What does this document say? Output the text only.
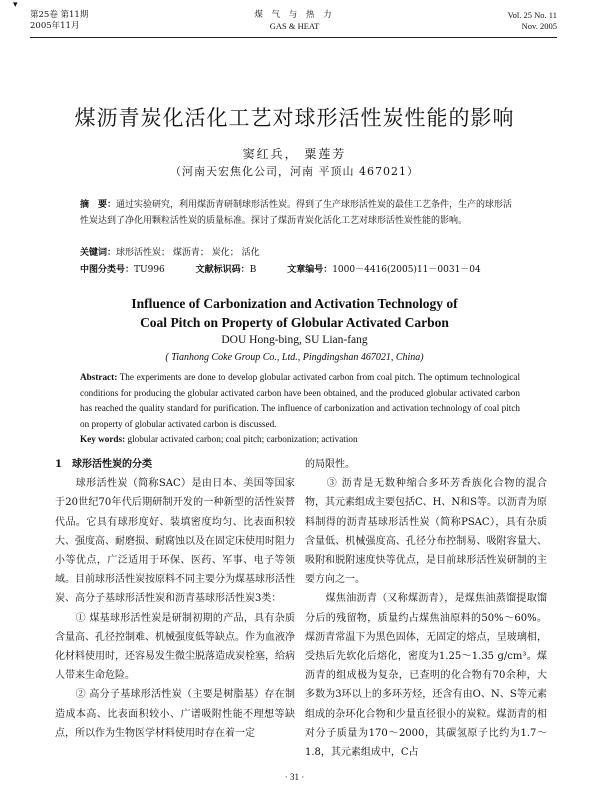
▾
第25卷 第11期
2005年11月
煤 气 与 热 力
GAS & HEAT
Vol. 25 No. 11
Nov. 2005
煤沥青炭化活化工艺对球形活性炭性能的影响
窦红兵， 粟莲芳
（河南天宏焦化公司，河南 平顶山 467021）
摘　要：通过实验研究，利用煤沥青研制球形活性炭。得到了生产球形活性炭的最佳工艺条件，生产的球形活性炭达到了净化用颗粒活性炭的质量标准。探讨了煤沥青炭化活化工艺对球形活性炭性能的影响。
关键词：球形活性炭； 煤沥青； 炭化； 活化
中图分类号：TU996	文献标识码：B	文章编号：1000－4416(2005)11－0031－04
Influence of Carbonization and Activation Technology of Coal Pitch on Property of Globular Activated Carbon
DOU Hong-bing, SU Lian-fang
( Tianhong Coke Group Co., Ltd., Pingdingshan 467021, China)
Abstract: The experiments are done to develop globular activated carbon from coal pitch. The optimum technological conditions for producing the globular activated carbon have been obtained, and the produced globular activated carbon has reached the quality standard for purification. The influence of carbonization and activation technology of coal pitch on property of globular activated carbon is discussed.
Key words: globular activated carbon; coal pitch; carbonization; activation
1　球形活性炭的分类
　　球形活性炭（简称SAC）是由日本、美国等国家于20世纪70年代后期研制开发的一种新型的活性炭替代品。它具有球形度好、装填密度均匀、比表面积较大、强度高、耐磨损、耐腐蚀以及在固定床使用时阻力小等优点，广泛适用于环保、医药、军事、电子等领域。目前球形活性炭按原料不同主要分为煤基球形活性炭、高分子基球形活性炭和沥青基球形活性炭3类：
　　① 煤基球形活性炭是研制初期的产品，具有杂质含量高、孔径控制难、机械强度低等缺点。作为血液净化材料使用时，还容易发生微尘脱落造成炭栓塞，给病人带来生命危险。
　　② 高分子基球形活性炭（主要是树脂基）存在制造成本高、比表面积较小、广谱吸附性能不理想等缺点，所以作为生物医学材料使用时存在着一定
的局限性。
　　③ 沥青是无数种缩合多环芳香族化合物的混合物，其元素组成主要包括C、H、N和S等。以沥青为原料制得的沥青基球形活性炭（简称PSAC），具有杂质含量低、机械强度高、孔径分布控制易、吸附容量大、吸附和脱附速度快等优点，是目前球形活性炭研制的主要方向之一。
　　煤焦油沥青（又称煤沥青），是煤焦油蒸馏提取馏分后的残留物，质量约占煤焦油原料的50%～60%。煤沥青常温下为黑色固体，无固定的熔点，呈玻璃相，受热后先软化后熔化，密度为1.25～1.35 g/cm³。煤沥青的组成极为复杂，已查明的化合物有70余种，大多数为3环以上的多环芳烃，还含有由O、N、S等元素组成的杂环化合物和少量直径很小的炭粒。煤沥青的相对分子质量为170～2000，其碳氢原子比约为1.7～1.8，其元素组成中，C占
· 31 ·
